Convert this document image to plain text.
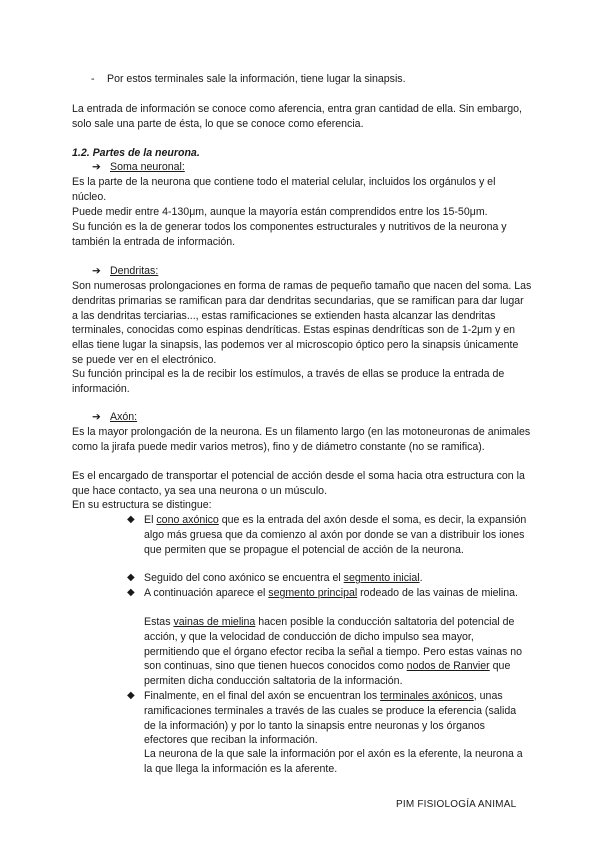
- Por estos terminales sale la información, tiene lugar la sinapsis.

La entrada de información se conoce como aferencia, entra gran cantidad de ella. Sin embargo, solo sale una parte de ésta, lo que se conoce como eferencia.

1.2. Partes de la neurona.

➔ Soma neuronal:

Es la parte de la neurona que contiene todo el material celular, incluidos los orgánulos y el núcleo.

Puede medir entre 4-130μm, aunque la mayoría están comprendidos entre los 15-50μm.

Su función es la de generar todos los componentes estructurales y nutritivos de la neurona y también la entrada de información.

➔ Dendritas:

Son numerosas prolongaciones en forma de ramas de pequeño tamaño que nacen del soma. Las dendritas primarias se ramifican para dar dendritas secundarias, que se ramifican para dar lugar a las dendritas terciarias..., estas ramificaciones se extienden hasta alcanzar las dendritas terminales, conocidas como espinas dendríticas. Estas espinas dendríticas son de 1-2μm y en ellas tiene lugar la sinapsis, las podemos ver al microscopio óptico pero la sinapsis únicamente se puede ver en el electrónico.

Su función principal es la de recibir los estímulos, a través de ellas se produce la entrada de información.

➔ Axón:

Es la mayor prolongación de la neurona. Es un filamento largo (en las motoneuronas de animales como la jirafa puede medir varios metros), fino y de diámetro constante (no se ramifica).

Es el encargado de transportar el potencial de acción desde el soma hacia otra estructura con la que hace contacto, ya sea una neurona o un músculo.

En su estructura se distingue:

◆ El cono axónico que es la entrada del axón desde el soma, es decir, la expansión algo más gruesa que da comienzo al axón por donde se van a distribuir los iones que permiten que se propague el potencial de acción de la neurona.

◆ Seguido del cono axónico se encuentra el segmento inicial.

◆ A continuación aparece el segmento principal rodeado de las vainas de mielina.

Estas vainas de mielina hacen posible la conducción saltatoria del potencial de acción, y que la velocidad de conducción de dicho impulso sea mayor, permitiendo que el órgano efector reciba la señal a tiempo. Pero estas vainas no son continuas, sino que tienen huecos conocidos como nodos de Ranvier que permiten dicha conducción saltatoria de la información.

◆ Finalmente, en el final del axón se encuentran los terminales axónicos, unas ramificaciones terminales a través de las cuales se produce la eferencia (salida de la información) y por lo tanto la sinapsis entre neuronas y los órganos efectores que reciban la información.

La neurona de la que sale la información por el axón es la eferente, la neurona a la que llega la información es la aferente.

PIM FISIOLOGÍA ANIMAL
